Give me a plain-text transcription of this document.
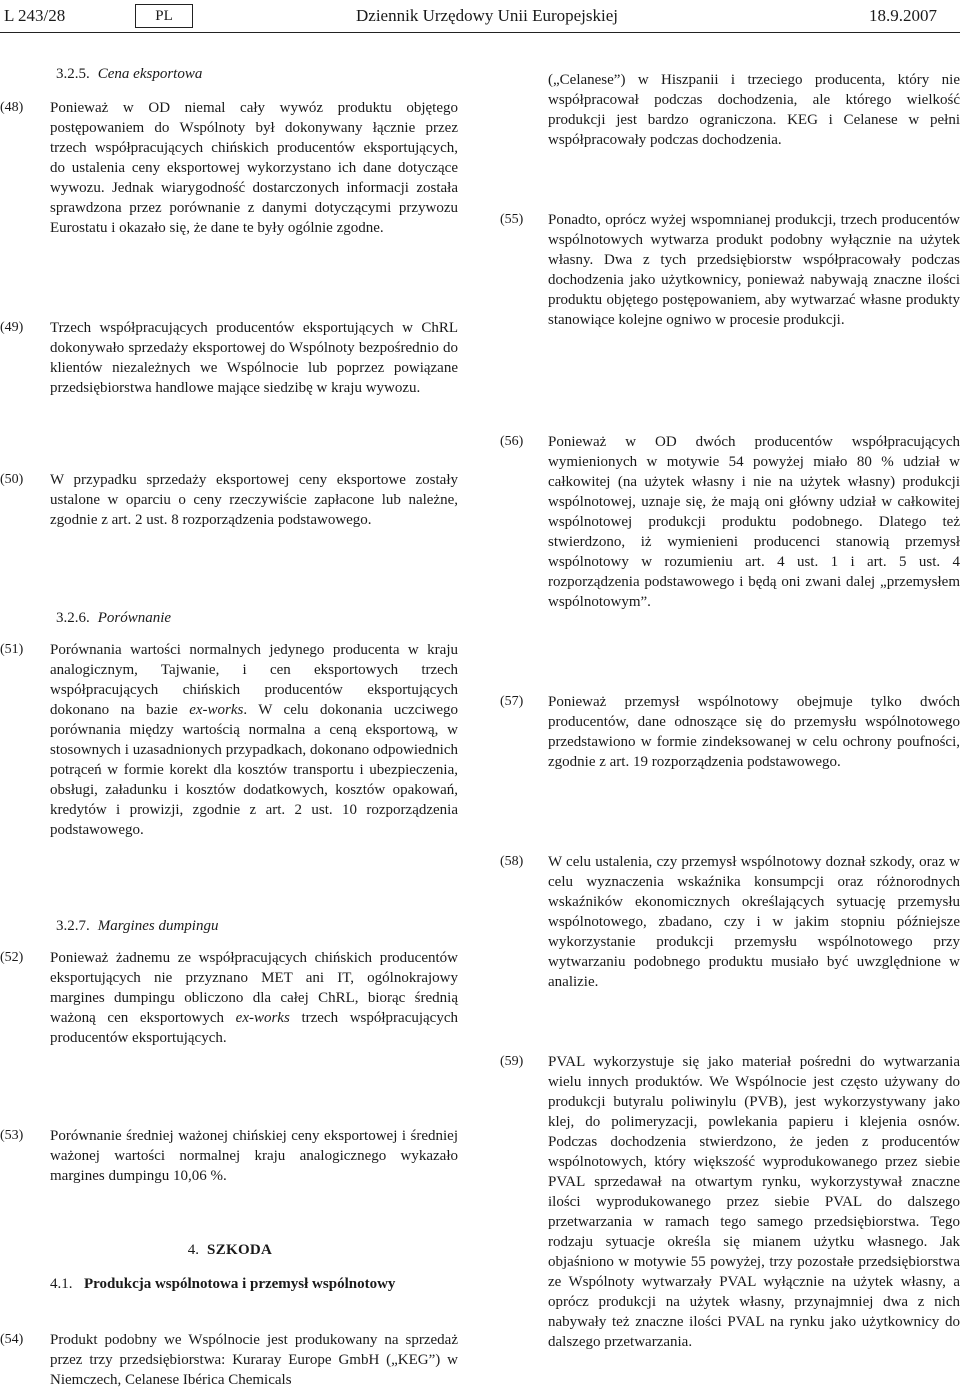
L 243/28	PL	Dziennik Urzędowy Unii Europejskiej	18.9.2007
3.2.5. Cena eksportowa
(48)	Ponieważ w OD niemal cały wywóz produktu objętego postępowaniem do Wspólnoty był dokonywany łącznie przez trzech współpracujących chińskich producentów eksportujących, do ustalenia ceny eksportowej wykorzystano ich dane dotyczące wywozu. Jednak wiarygodność dostarczonych informacji została sprawdzona przez porównanie z danymi dotyczącymi przywozu Eurostatu i okazało się, że dane te były ogólnie zgodne.
(49)	Trzech współpracujących producentów eksportujących w ChRL dokonywało sprzedaży eksportowej do Wspólnoty bezpośrednio do klientów niezależnych we Wspólnocie lub poprzez powiązane przedsiębiorstwa handlowe mające siedzibę w kraju wywozu.
(50)	W przypadku sprzedaży eksportowej ceny eksportowe zostały ustalone w oparciu o ceny rzeczywiście zapłacone lub należne, zgodnie z art. 2 ust. 8 rozporządzenia podstawowego.
3.2.6. Porównanie
(51)	Porównania wartości normalnych jedynego producenta w kraju analogicznym, Tajwanie, i cen eksportowych trzech współpracujących chińskich producentów eksportujących dokonano na bazie ex-works. W celu dokonania uczciwego porównania między wartością normalna a ceną eksportową, w stosownych i uzasadnionych przypadkach, dokonano odpowiednich potrąceń w formie korekt dla kosztów transportu i ubezpieczenia, obsługi, załadunku i kosztów dodatkowych, kosztów opakowań, kredytów i prowizji, zgodnie z art. 2 ust. 10 rozporządzenia podstawowego.
3.2.7. Margines dumpingu
(52)	Ponieważ żadnemu ze współpracujących chińskich producentów eksportujących nie przyznano MET ani IT, ogólnokrajowy margines dumpingu obliczono dla całej ChRL, biorąc średnią ważoną cen eksportowych ex-works trzech współpracujących producentów eksportujących.
(53)	Porównanie średniej ważonej chińskiej ceny eksportowej i średniej ważonej wartości normalnej kraju analogicznego wykazało margines dumpingu 10,06 %.
4. SZKODA
4.1. Produkcja wspólnotowa i przemysł wspólnotowy
(54)	Produkt podobny we Wspólnocie jest produkowany na sprzedaż przez trzy przedsiębiorstwa: Kuraray Europe GmbH („KEG”) w Niemczech, Celanese Ibérica Chemicals
(„Celanese”) w Hiszpanii i trzeciego producenta, który nie współpracował podczas dochodzenia, ale którego wielkość produkcji jest bardzo ograniczona. KEG i Celanese w pełni współpracowały podczas dochodzenia.
(55)	Ponadto, oprócz wyżej wspomnianej produkcji, trzech producentów wspólnotowych wytwarza produkt podobny wyłącznie na użytek własny. Dwa z tych przedsiębiorstw współpracowały podczas dochodzenia jako użytkownicy, ponieważ nabywają znaczne ilości produktu objętego postępowaniem, aby wytwarzać własne produkty stanowiące kolejne ogniwo w procesie produkcji.
(56)	Ponieważ w OD dwóch producentów współpracujących wymienionych w motywie 54 powyżej miało 80 % udział w całkowitej (na użytek własny i nie na użytek własny) produkcji wspólnotowej, uznaje się, że mają oni główny udział w całkowitej wspólnotowej produkcji produktu podobnego. Dlatego też stwierdzono, iż wymienieni producenci stanowią przemysł wspólnotowy w rozumieniu art. 4 ust. 1 i art. 5 ust. 4 rozporządzenia podstawowego i będą oni zwani dalej „przemysłem wspólnotowym”.
(57)	Ponieważ przemysł wspólnotowy obejmuje tylko dwóch producentów, dane odnoszące się do przemysłu wspólnotowego przedstawiono w formie zindeksowanej w celu ochrony poufności, zgodnie z art. 19 rozporządzenia podstawowego.
(58)	W celu ustalenia, czy przemysł wspólnotowy doznał szkody, oraz w celu wyznaczenia wskaźnika konsumpcji oraz różnorodnych wskaźników ekonomicznych określających sytuację przemysłu wspólnotowego, zbadano, czy i w jakim stopniu późniejsze wykorzystanie produkcji przemysłu wspólnotowego przy wytwarzaniu podobnego produktu musiało być uwzględnione w analizie.
(59)	PVAL wykorzystuje się jako materiał pośredni do wytwarzania wielu innych produktów. We Wspólnocie jest często używany do produkcji butyralu poliwinylu (PVB), jest wykorzystywany jako klej, do polimeryzacji, powlekania papieru i klejenia osnów. Podczas dochodzenia stwierdzono, że jeden z producentów wspólnotowych, który większość wyprodukowanego przez siebie PVAL sprzedawał na otwartym rynku, wykorzystywał znaczne ilości wyprodukowanego przez siebie PVAL do dalszego przetwarzania w ramach tego samego przedsiębiorstwa. Tego rodzaju sytuacje określa się mianem użytku własnego. Jak objaśniono w motywie 55 powyżej, trzy pozostałe przedsiębiorstwa ze Wspólnoty wytwarzały PVAL wyłącznie na użytek własny, a oprócz produkcji na użytek własny, przynajmniej dwa z nich nabywały też znaczne ilości PVAL na rynku jako użytkownicy do dalszego przetwarzania.
